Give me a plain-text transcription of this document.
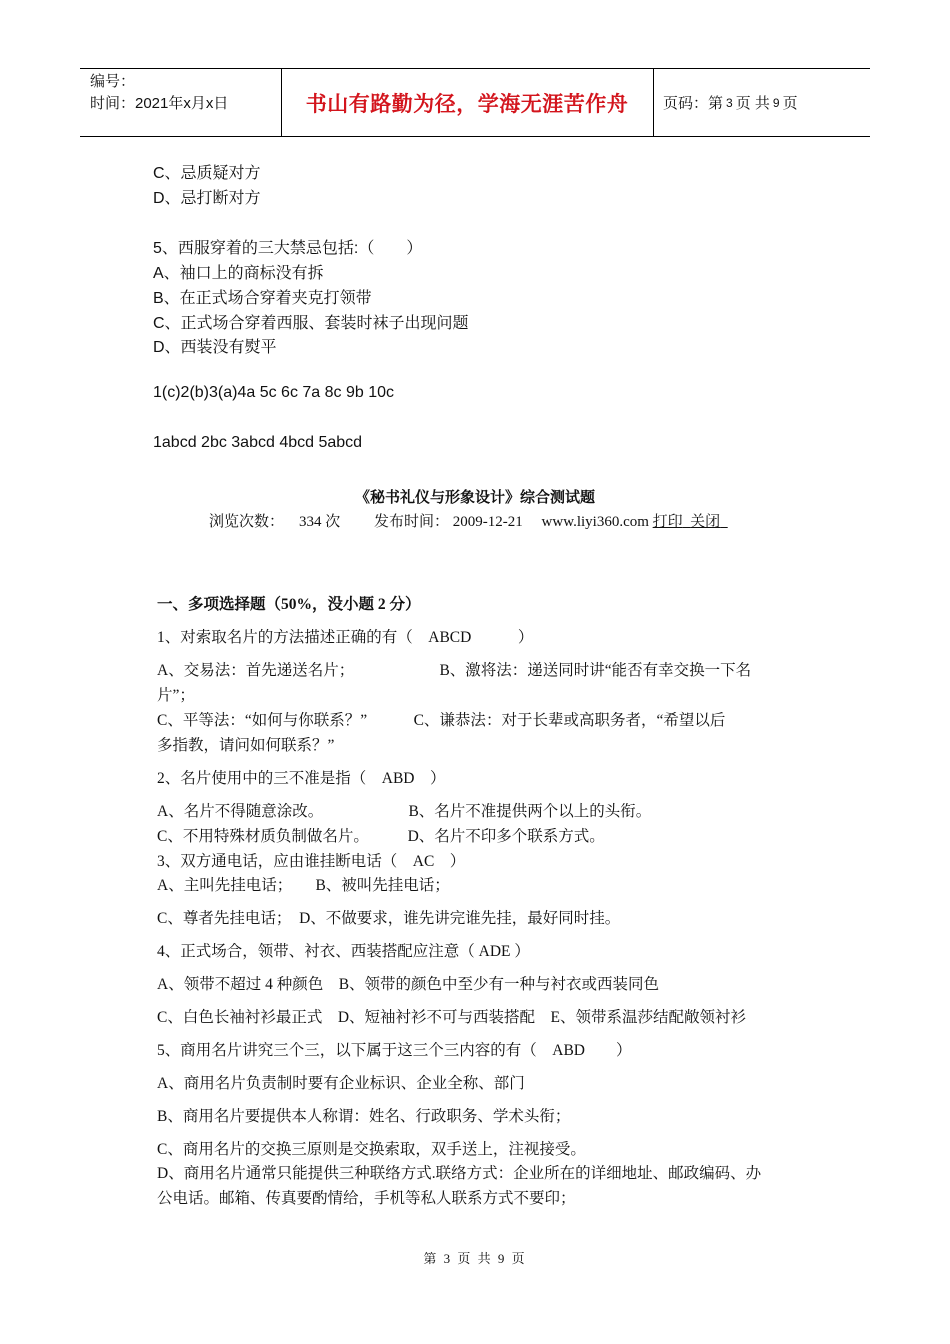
编号：
时间：2021年x月x日	书山有路勤为径，学海无涯苦作舟	页码：第 3 页 共 9 页
C、忌质疑对方
D、忌打断对方
5、西服穿着的三大禁忌包括:（　　）
A、袖口上的商标没有拆
B、在正式场合穿着夹克打领带
C、正式场合穿着西服、套装时袜子出现问题
D、西装没有熨平
1(c)2(b)3(a)4a 5c 6c 7a 8c 9b 10c
1abcd 2bc 3abcd 4bcd 5abcd
《秘书礼仪与形象设计》综合测试题
浏览次数： 334 次 发布时间： 2009-12-21 www.liyi360.com 打印 关闭
一、多项选择题（50%，没小题 2 分）
1、对索取名片的方法描述正确的有（　ABCD　　　）
A、交易法：首先递送名片；　　　　　　B、激将法：递送同时讲“能否有幸交换一下名
片”；
C、平等法：“如何与你联系？”　　　C、谦恭法：对于长辈或高职务者，“希望以后
多指教，请问如何联系？”
2、名片使用中的三不准是指（　ABD　）
A、名片不得随意涂改。　　　　　　B、名片不准提供两个以上的头衔。
C、不用特殊材质负制做名片。　　　D、名片不印多个联系方式。
3、双方通电话，应由谁挂断电话（　AC　）
A、主叫先挂电话；　　B、被叫先挂电话；
C、尊者先挂电话；　D、不做要求，谁先讲完谁先挂，最好同时挂。
4、正式场合，领带、衬衣、西装搭配应注意（ ADE ）
A、领带不超过 4 种颜色　B、领带的颜色中至少有一种与衬衣或西装同色
C、白色长袖衬衫最正式　D、短袖衬衫不可与西装搭配　E、领带系温莎结配敞领衬衫
5、商用名片讲究三个三，以下属于这三个三内容的有（　ABD　　）
A、商用名片负责制时要有企业标识、企业全称、部门
B、商用名片要提供本人称谓：姓名、行政职务、学术头衔；
C、商用名片的交换三原则是交换索取，双手送上，注视接受。
D、商用名片通常只能提供三种联络方式.联络方式：企业所在的详细地址、邮政编码、办
公电话。邮箱、传真要酌情给，手机等私人联系方式不要印；
第 3 页 共 9 页
